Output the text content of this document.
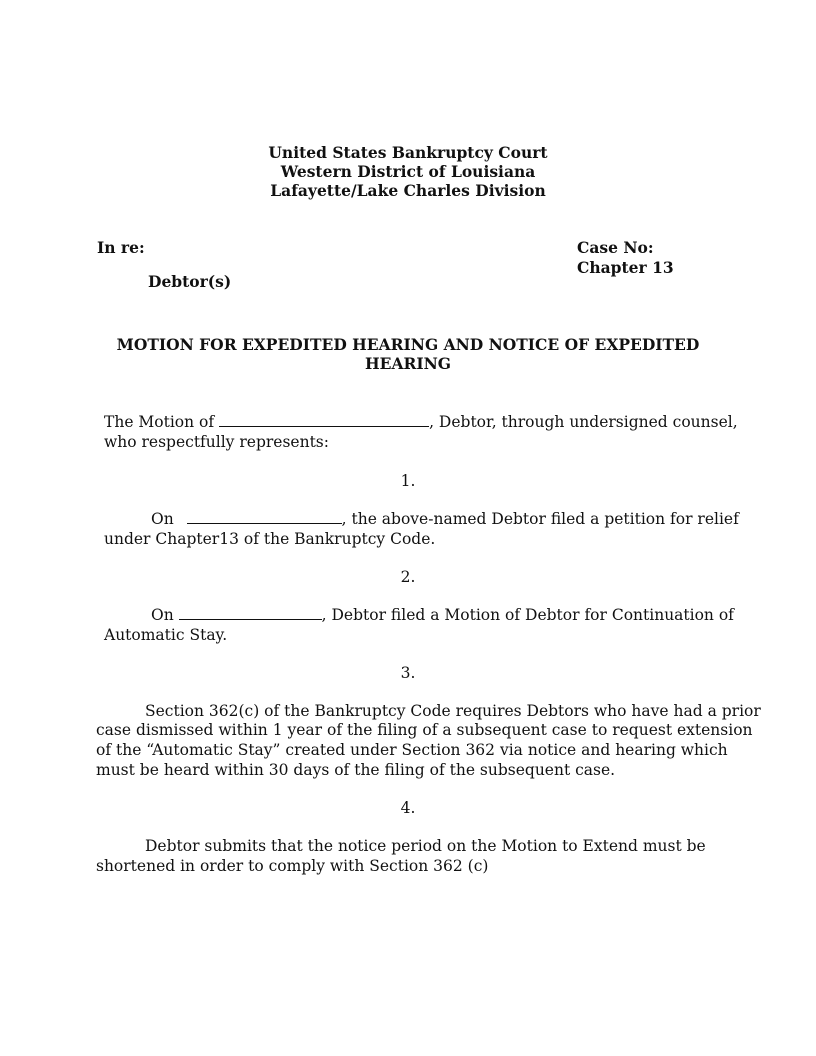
United States Bankruptcy Court
Western District of Louisiana
Lafayette/Lake Charles Division
In re:
Debtor(s)
Case No:
Chapter 13
MOTION FOR EXPEDITED HEARING AND NOTICE OF EXPEDITED
HEARING
The Motion of	, Debtor, through undersigned counsel,
who respectfully represents:
1.
On	, the above-named Debtor filed a petition for relief
under Chapter13 of the Bankruptcy Code.
2.
On	, Debtor filed a Motion of Debtor for Continuation of
Automatic Stay.
3.
Section 362(c) of the Bankruptcy Code requires Debtors who have had a prior
case dismissed within 1 year of the filing of a subsequent case to request extension
of the “Automatic Stay” created under Section 362 via notice and hearing which
must be heard within 30 days of the filing of the subsequent case.
4.
Debtor submits that the notice period on the Motion to Extend must be
shortened in order to comply with Section 362 (c)
